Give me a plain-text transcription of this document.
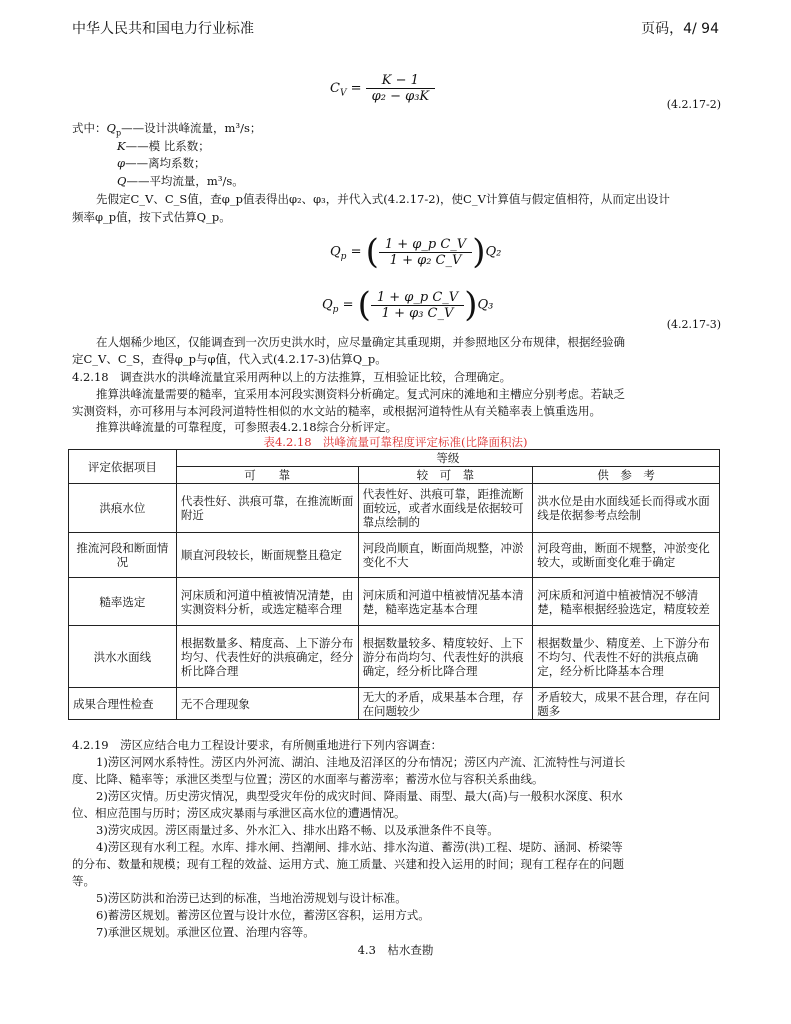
中华人民共和国电力行业标准	页码，4/ 94
$C_V = \frac{K - 1}{\text{φ₂ − φ₃K}}$
(4.2.17-2)
式中：$Q_p——$设计洪峰流量，m³/s；
K——模 比系数；
φ——离均系数；
Q——平均流量，m³/s。
先假定C_V、C_S值，查φ_p值表得出φ₂、φ₃，并代入式(4.2.17-2)，使C_V计算值与假定值相符，从而定出设计
频率φ_p值，按下式估算Q_p。
$Q_p$ = ( $\frac{\text{1 + φ\_p C\_V}}{\text{1 + φ₂ C\_V}} )Q_2$
$Q_p$ = ( $\frac{\text{1 + φ\_p C\_V}}{\text{1 + φ₃ C\_V}} )Q_3$
(4.2.17-3)
在人烟稀少地区，仅能调查到一次历史洪水时，应尽量确定其重现期，并参照地区分布规律，根据经验确
定C_V、C_S，查得φ_p与φ值，代入式(4.2.17-3)估算Q_p。
4.2.18　调查洪水的洪峰流量宜采用两种以上的方法推算，互相验证比较，合理确定。
推算洪峰流量需要的糙率，宜采用本河段实测资料分析确定。复式河床的滩地和主槽应分别考虑。若缺乏
实测资料，亦可移用与本河段河道特性相似的水文站的糙率，或根据河道特性从有关糙率表上慎重选用。
推算洪峰流量的可靠程度，可参照表4.2.18综合分析评定。
表4.2.18　洪峰流量可靠程度评定标准(比降面积法)
评定依据项目	等级		
	可　　靠	较　可　靠	供　参　考
洪痕水位	代表性好、洪痕可靠，在推流断面附近	代表性好、洪痕可靠，距推流断面较远，或者水面线是依据较可靠点绘制的	洪水位是由水面线延长而得或水面线是依据参考点绘制
推流河段和断面情况	顺直河段较长，断面规整且稳定	河段尚顺直，断面尚规整，冲淤变化不大	河段弯曲，断面不规整，冲淤变化较大，或断面变化难于确定
糙率选定	河床质和河道中植被情况清楚，由实测资料分析，或选定糙率合理	河床质和河道中植被情况基本清楚，糙率选定基本合理	河床质和河道中植被情况不够清楚，糙率根据经验选定，精度较差
洪水水面线	根据数量多、精度高、上下游分布均匀、代表性好的洪痕确定，经分析比降合理	根据数量较多、精度较好、上下游分布尚均匀、代表性好的洪痕确定，经分析比降合理	根据数量少、精度差、上下游分布不均匀、代表性不好的洪痕点确定，经分析比降基本合理
成果合理性检查	无不合理现象	无大的矛盾，成果基本合理，存在问题较少	矛盾较大，成果不甚合理，存在问题多
4.2.19　涝区应结合电力工程设计要求，有所侧重地进行下列内容调查：
1)涝区河网水系特性。涝区内外河流、湖泊、洼地及沼泽区的分布情况；涝区内产流、汇流特性与河道长
度、比降、糙率等；承泄区类型与位置；涝区的水面率与蓄涝率；蓄涝水位与容积关系曲线。
2)涝区灾情。历史涝灾情况，典型受灾年份的成灾时间、降雨量、雨型、最大(高)与一般积水深度、积水
位、相应范围与历时；涝区成灾暴雨与承泄区高水位的遭遇情况。
3)涝灾成因。涝区雨量过多、外水汇入、排水出路不畅、以及承泄条件不良等。
4)涝区现有水利工程。水库、排水闸、挡潮闸、排水站、排水沟道、蓄涝(洪)工程、堤防、涵洞、桥梁等
的分布、数量和规模；现有工程的效益、运用方式、施工质量、兴建和投入运用的时间；现有工程存在的问题
等。
5)涝区防洪和治涝已达到的标准，当地治涝规划与设计标准。
6)蓄涝区规划。蓄涝区位置与设计水位，蓄涝区容积，运用方式。
7)承泄区规划。承泄区位置、治理内容等。
4.3　枯水查勘
